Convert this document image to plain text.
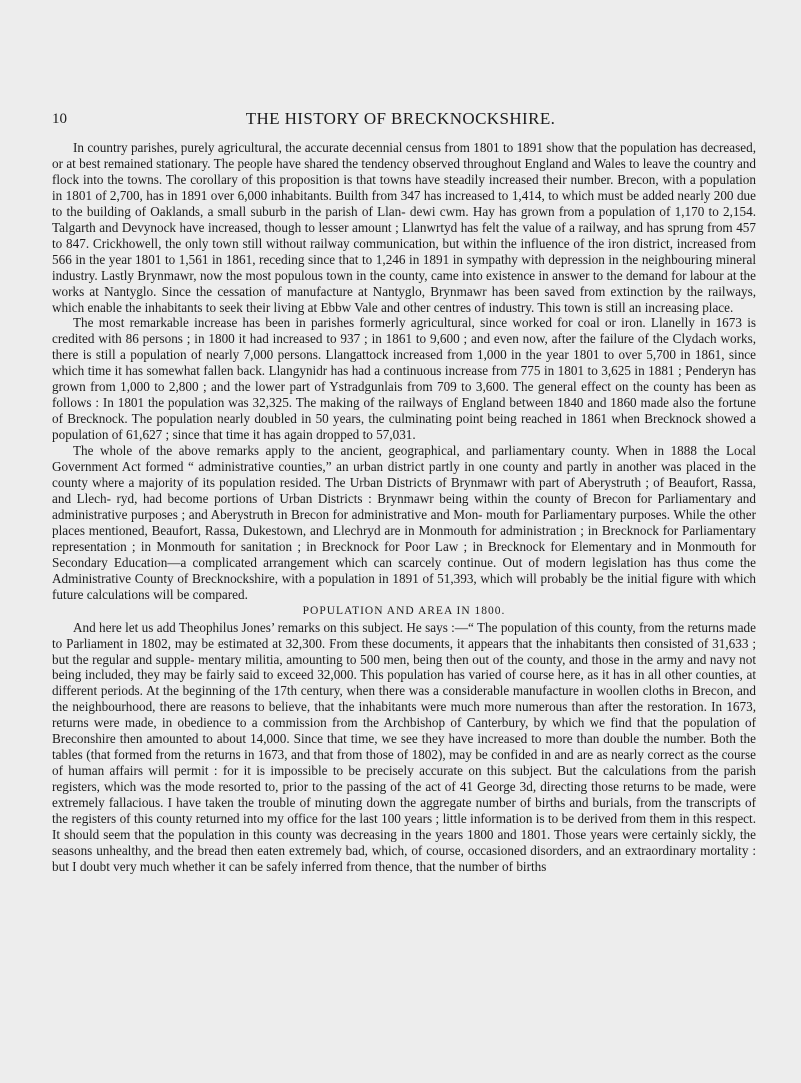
10	THE HISTORY OF BRECKNOCKSHIRE.

In country parishes, purely agricultural, the accurate decennial census from 1801 to 1891 show that the population has decreased, or at best remained stationary. The people have shared the tendency observed throughout England and Wales to leave the country and flock into the towns. The corollary of this proposition is that towns have steadily increased their number. Brecon, with a population in 1801 of 2,700, has in 1891 over 6,000 inhabitants. Builth from 347 has increased to 1,414, to which must be added nearly 200 due to the building of Oaklands, a small suburb in the parish of Llan- dewi cwm. Hay has grown from a population of 1,170 to 2,154. Talgarth and Devynock have increased, though to lesser amount ; Llanwrtyd has felt the value of a railway, and has sprung from 457 to 847. Crickhowell, the only town still without railway communication, but within the influence of the iron district, increased from 566 in the year 1801 to 1,561 in 1861, receding since that to 1,246 in 1891 in sympathy with depression in the neighbouring mineral industry. Lastly Brynmawr, now the most populous town in the county, came into existence in answer to the demand for labour at the works at Nantyglo. Since the cessation of manufacture at Nantyglo, Brynmawr has been saved from extinction by the railways, which enable the inhabitants to seek their living at Ebbw Vale and other centres of industry. This town is still an increasing place.

The most remarkable increase has been in parishes formerly agricultural, since worked for coal or iron. Llanelly in 1673 is credited with 86 persons ; in 1800 it had increased to 937 ; in 1861 to 9,600 ; and even now, after the failure of the Clydach works, there is still a population of nearly 7,000 persons. Llangattock increased from 1,000 in the year 1801 to over 5,700 in 1861, since which time it has somewhat fallen back. Llangynidr has had a continuous increase from 775 in 1801 to 3,625 in 1881 ; Penderyn has grown from 1,000 to 2,800 ; and the lower part of Ystradgunlais from 709 to 3,600. The general effect on the county has been as follows : In 1801 the population was 32,325. The making of the railways of England between 1840 and 1860 made also the fortune of Brecknock. The population nearly doubled in 50 years, the culminating point being reached in 1861 when Brecknock showed a population of 61,627 ; since that time it has again dropped to 57,031.

The whole of the above remarks apply to the ancient, geographical, and parliamentary county. When in 1888 the Local Government Act formed “ administrative counties,” an urban district partly in one county and partly in another was placed in the county where a majority of its population resided. The Urban Districts of Brynmawr with part of Aberystruth ; of Beaufort, Rassa, and Llech- ryd, had become portions of Urban Districts : Brynmawr being within the county of Brecon for Parliamentary and administrative purposes ; and Aberystruth in Brecon for administrative and Mon- mouth for Parliamentary purposes. While the other places mentioned, Beaufort, Rassa, Dukestown, and Llechryd are in Monmouth for administration ; in Brecknock for Parliamentary representation ; in Monmouth for sanitation ; in Brecknock for Poor Law ; in Brecknock for Elementary and in Monmouth for Secondary Education—a complicated arrangement which can scarcely continue. Out of modern legislation has thus come the Administrative County of Brecknockshire, with a population in 1891 of 51,393, which will probably be the initial figure with which future calculations will be compared.

POPULATION AND AREA IN 1800.

And here let us add Theophilus Jones’ remarks on this subject. He says :—“ The population of this county, from the returns made to Parliament in 1802, may be estimated at 32,300. From these documents, it appears that the inhabitants then consisted of 31,633 ; but the regular and supple- mentary militia, amounting to 500 men, being then out of the county, and those in the army and navy not being included, they may be fairly said to exceed 32,000. This population has varied of course here, as it has in all other counties, at different periods. At the beginning of the 17th century, when there was a considerable manufacture in woollen cloths in Brecon, and the neighbourhood, there are reasons to believe, that the inhabitants were much more numerous than after the restoration. In 1673, returns were made, in obedience to a commission from the Archbishop of Canterbury, by which we find that the population of Breconshire then amounted to about 14,000. Since that time, we see they have increased to more than double the number. Both the tables (that formed from the returns in 1673, and that from those of 1802), may be confided in and are as nearly correct as the course of human affairs will permit : for it is impossible to be precisely accurate on this subject. But the calculations from the parish registers, which was the mode resorted to, prior to the passing of the act of 41 George 3d, directing those returns to be made, were extremely fallacious. I have taken the trouble of minuting down the aggregate number of births and burials, from the transcripts of the registers of this county returned into my office for the last 100 years ; little information is to be derived from them in this respect. It should seem that the population in this county was decreasing in the years 1800 and 1801. Those years were certainly sickly, the seasons unhealthy, and the bread then eaten extremely bad, which, of course, occasioned disorders, and an extraordinary mortality : but I doubt very much whether it can be safely inferred from thence, that the number of births
